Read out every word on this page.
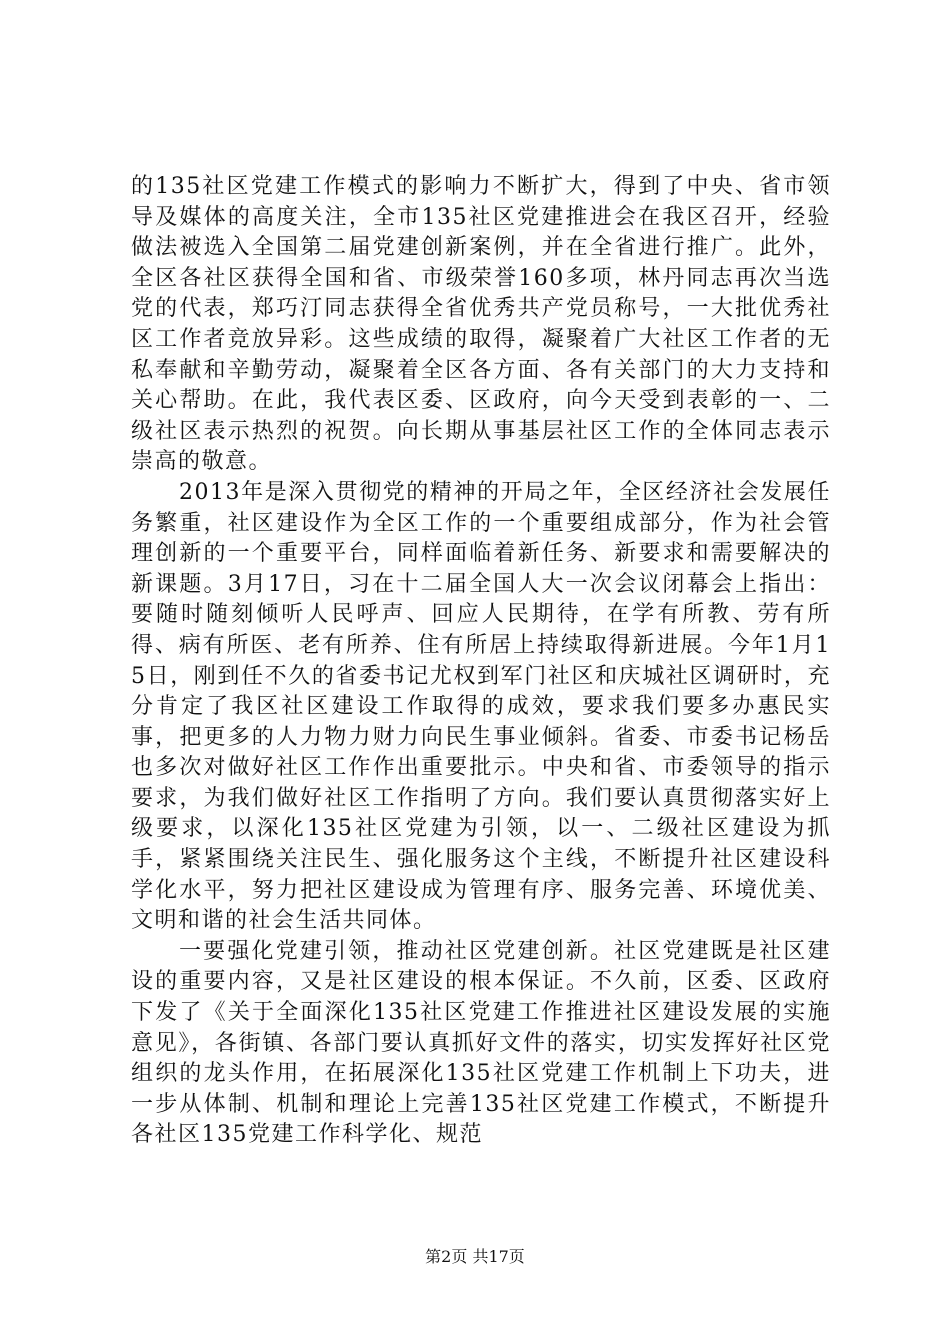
的135社区党建工作模式的影响力不断扩大，得到了中央、省市领导及媒体的高度关注，全市135社区党建推进会在我区召开，经验做法被选入全国第二届党建创新案例，并在全省进行推广。此外，全区各社区获得全国和省、市级荣誉160多项，林丹同志再次当选党的代表，郑巧汀同志获得全省优秀共产党员称号，一大批优秀社区工作者竞放异彩。这些成绩的取得，凝聚着广大社区工作者的无私奉献和辛勤劳动，凝聚着全区各方面、各有关部门的大力支持和关心帮助。在此，我代表区委、区政府，向今天受到表彰的一、二级社区表示热烈的祝贺。向长期从事基层社区工作的全体同志表示崇高的敬意。

2013年是深入贯彻党的精神的开局之年，全区经济社会发展任务繁重，社区建设作为全区工作的一个重要组成部分，作为社会管理创新的一个重要平台，同样面临着新任务、新要求和需要解决的新课题。3月17日，习在十二届全国人大一次会议闭幕会上指出：要随时随刻倾听人民呼声、回应人民期待，在学有所教、劳有所得、病有所医、老有所养、住有所居上持续取得新进展。今年1月15日，刚到任不久的省委书记尤权到军门社区和庆城社区调研时，充分肯定了我区社区建设工作取得的成效，要求我们要多办惠民实事，把更多的人力物力财力向民生事业倾斜。省委、市委书记杨岳也多次对做好社区工作作出重要批示。中央和省、市委领导的指示要求，为我们做好社区工作指明了方向。我们要认真贯彻落实好上级要求，以深化135社区党建为引领，以一、二级社区建设为抓手，紧紧围绕关注民生、强化服务这个主线，不断提升社区建设科学化水平，努力把社区建设成为管理有序、服务完善、环境优美、文明和谐的社会生活共同体。

一要强化党建引领，推动社区党建创新。社区党建既是社区建设的重要内容，又是社区建设的根本保证。不久前，区委、区政府下发了《关于全面深化135社区党建工作推进社区建设发展的实施意见》，各街镇、各部门要认真抓好文件的落实，切实发挥好社区党组织的龙头作用，在拓展深化135社区党建工作机制上下功夫，进一步从体制、机制和理论上完善135社区党建工作模式，不断提升各社区135党建工作科学化、规范

第2页 共17页
